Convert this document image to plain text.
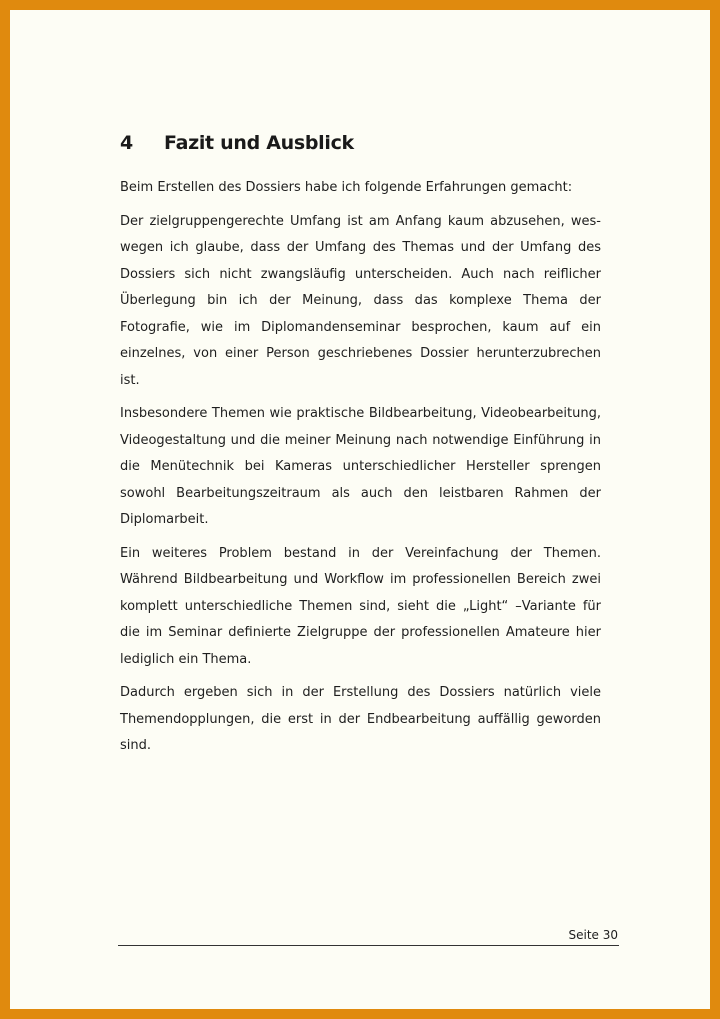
4	Fazit und Ausblick

Beim Erstellen des Dossiers habe ich folgende Erfahrungen gemacht:

Der zielgruppengerechte Umfang ist am Anfang kaum abzusehen, weswegen ich glaube, dass der Umfang des Themas und der Umfang des Dossiers sich nicht zwangsläufig unterscheiden. Auch nach reiflicher Überlegung bin ich der Meinung, dass das komplexe Thema der Fotografie, wie im Diplomandenseminar besprochen, kaum auf ein einzelnes, von einer Person geschriebenes Dossier herunterzubrechen ist.

Insbesondere Themen wie praktische Bildbearbeitung, Videobearbeitung, Videogestaltung und die meiner Meinung nach notwendige Einführung in die Menütechnik bei Kameras unterschiedlicher Hersteller sprengen sowohl Bearbeitungszeitraum als auch den leistbaren Rahmen der Diplomarbeit.

Ein weiteres Problem bestand in der Vereinfachung der Themen. Während Bildbearbeitung und Workflow im professionellen Bereich zwei komplett unterschiedliche Themen sind, sieht die „Light“ –Variante für die im Seminar definierte Zielgruppe der professionellen Amateure hier lediglich ein Thema.

Dadurch ergeben sich in der Erstellung des Dossiers natürlich viele Themendopplungen, die erst in der Endbearbeitung auffällig geworden sind.

Seite 30
